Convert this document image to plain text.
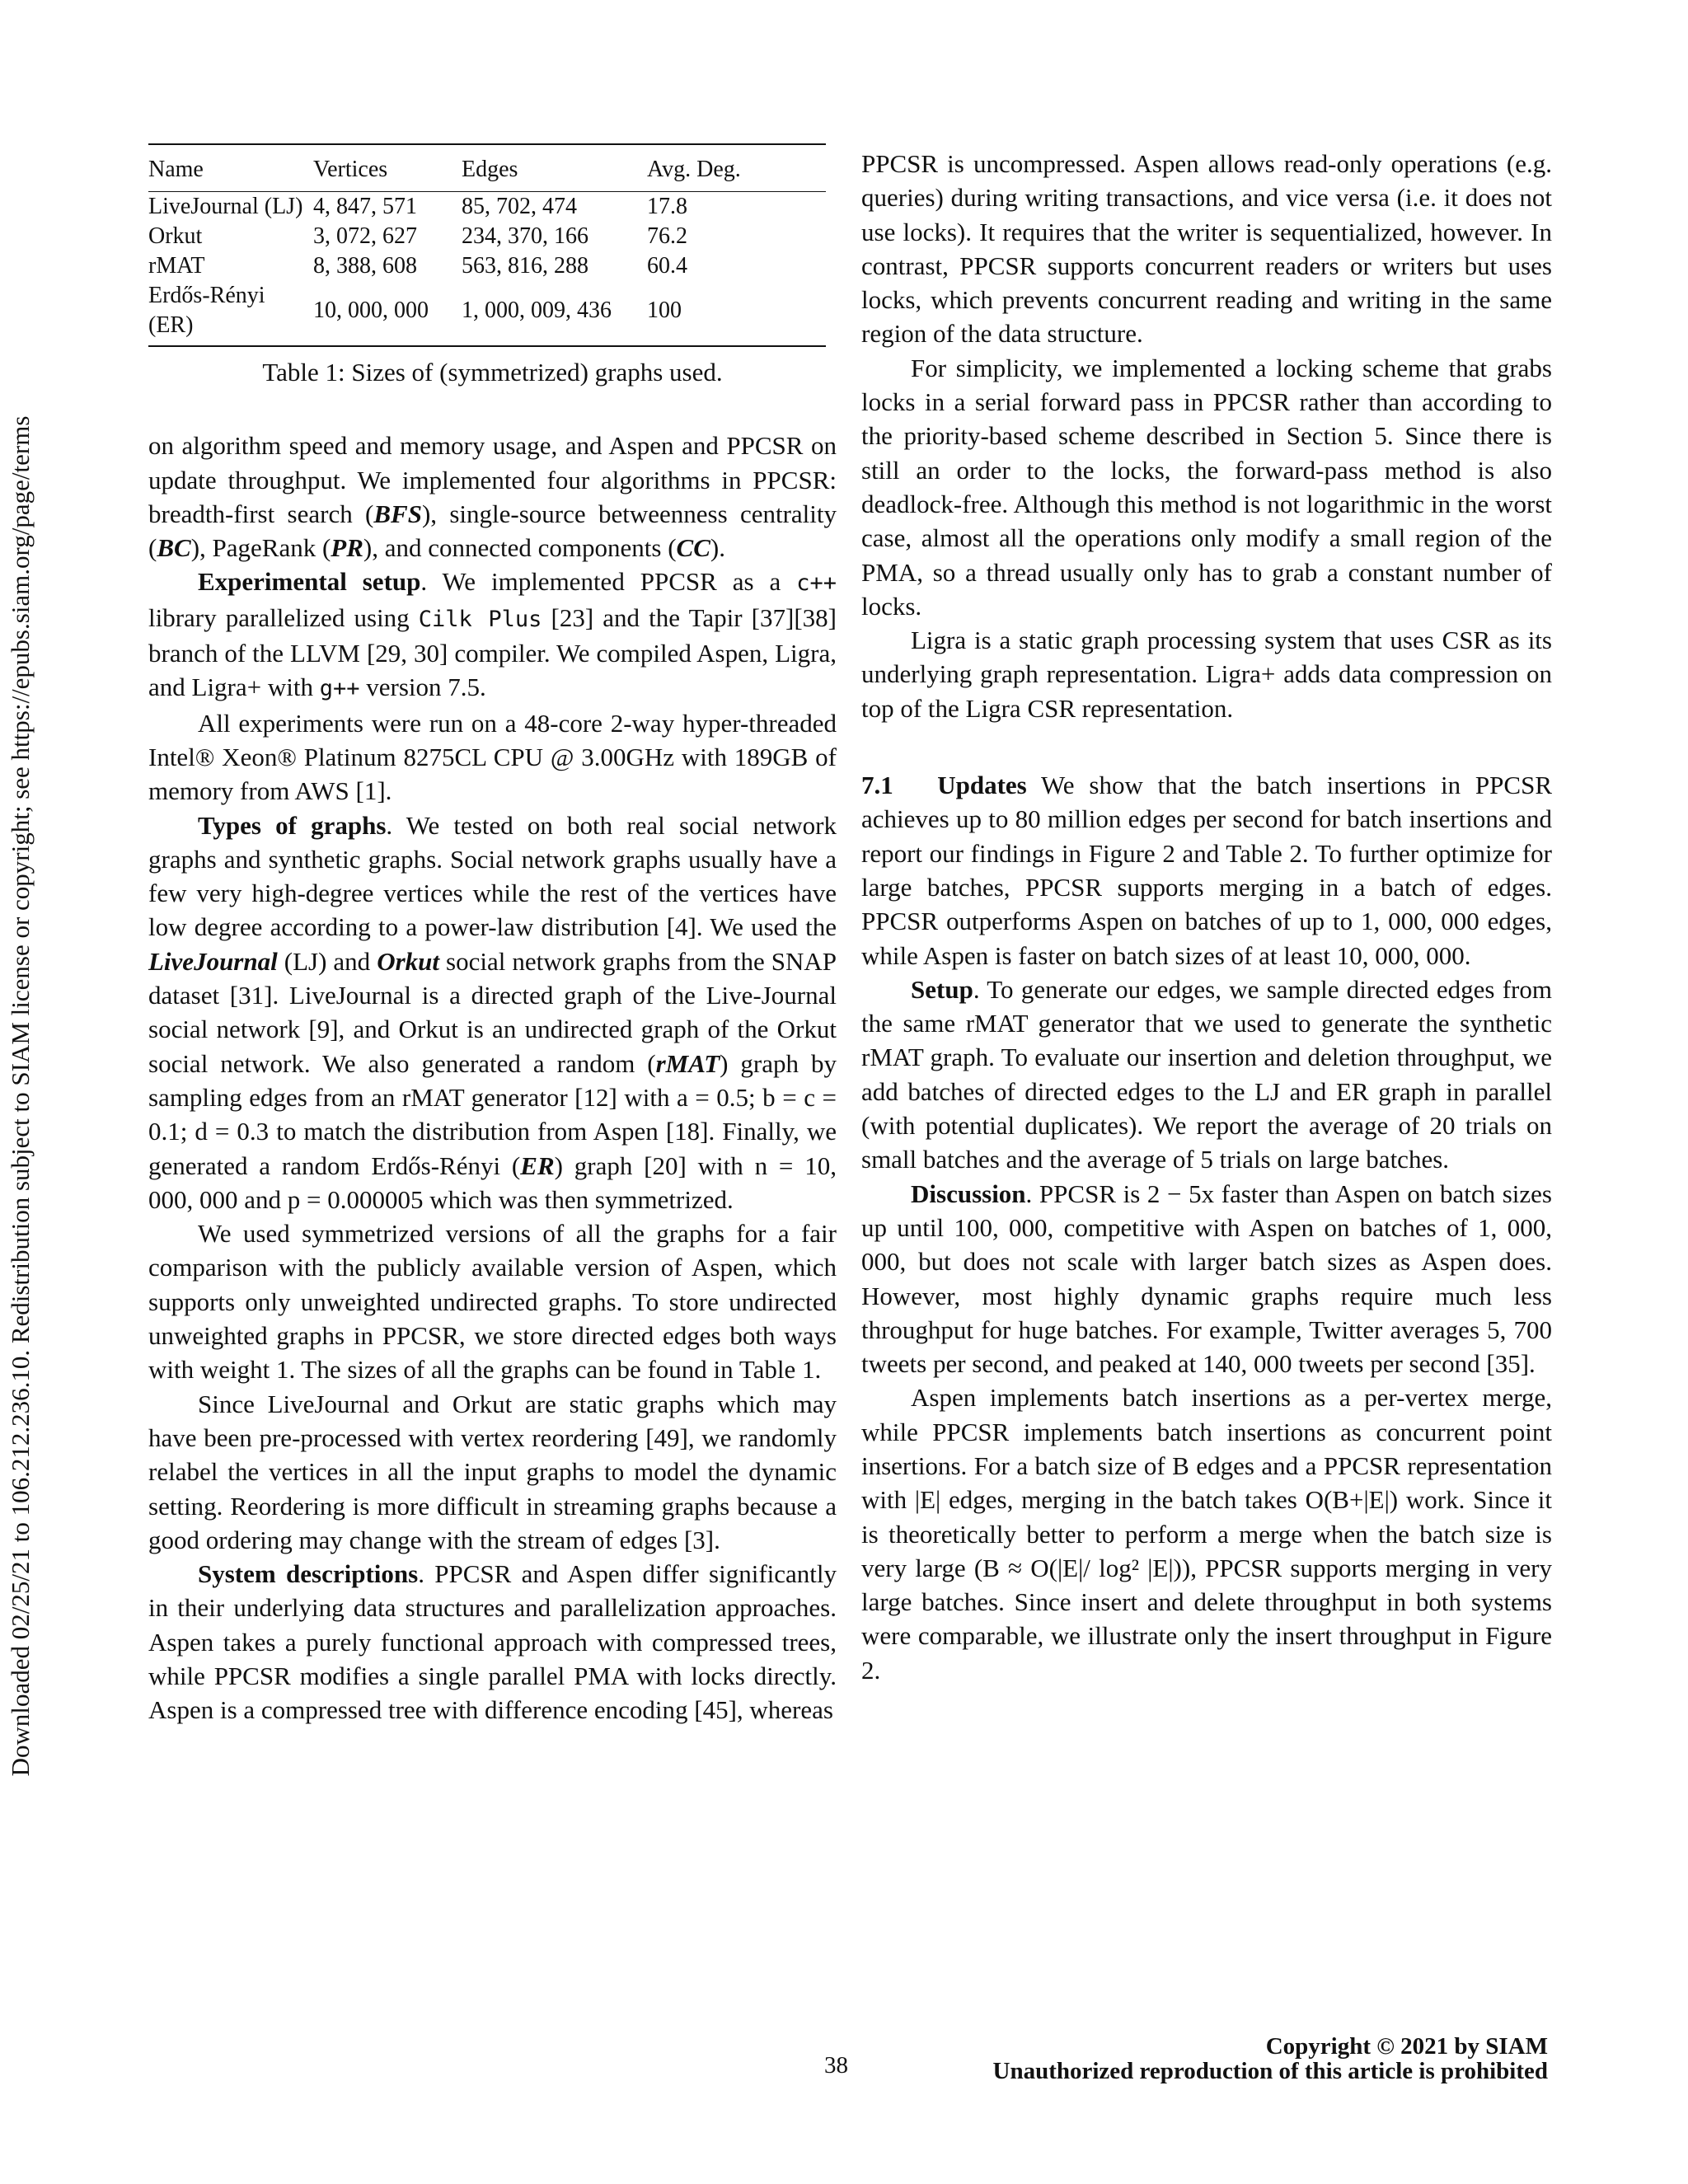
Downloaded 02/25/21 to 106.212.236.10. Redistribution subject to SIAM license or copyright; see https://epubs.siam.org/page/terms
Name	Vertices	Edges	Avg. Deg.
LiveJournal (LJ)	4, 847, 571	85, 702, 474	17.8
Orkut	3, 072, 627	234, 370, 166	76.2
rMAT	8, 388, 608	563, 816, 288	60.4
Erdős-Rényi (ER)	10, 000, 000	1, 000, 009, 436	100
Table 1: Sizes of (symmetrized) graphs used.

on algorithm speed and memory usage, and Aspen and PPCSR on update throughput. We implemented four algorithms in PPCSR: breadth-first search (BFS), single-source betweenness centrality (BC), PageRank (PR), and connected components (CC).

Experimental setup. We implemented PPCSR as a c++ library parallelized using Cilk Plus [23] and the Tapir [37][38] branch of the LLVM [29, 30] compiler. We compiled Aspen, Ligra, and Ligra+ with g++ version 7.5.

All experiments were run on a 48-core 2-way hyper-threaded Intel® Xeon® Platinum 8275CL CPU @ 3.00GHz with 189GB of memory from AWS [1].

Types of graphs. We tested on both real social network graphs and synthetic graphs. Social network graphs usually have a few very high-degree vertices while the rest of the vertices have low degree according to a power-law distribution [4]. We used the LiveJournal (LJ) and Orkut social network graphs from the SNAP dataset [31]. LiveJournal is a directed graph of the Live-Journal social network [9], and Orkut is an undirected graph of the Orkut social network. We also generated a random (rMAT) graph by sampling edges from an rMAT generator [12] with a = 0.5; b = c = 0.1; d = 0.3 to match the distribution from Aspen [18]. Finally, we generated a random Erdős-Rényi (ER) graph [20] with n = 10, 000, 000 and p = 0.000005 which was then symmetrized.

We used symmetrized versions of all the graphs for a fair comparison with the publicly available version of Aspen, which supports only unweighted undirected graphs. To store undirected unweighted graphs in PPCSR, we store directed edges both ways with weight 1. The sizes of all the graphs can be found in Table 1.

Since LiveJournal and Orkut are static graphs which may have been pre-processed with vertex reordering [49], we randomly relabel the vertices in all the input graphs to model the dynamic setting. Reordering is more difficult in streaming graphs because a good ordering may change with the stream of edges [3].

System descriptions. PPCSR and Aspen differ significantly in their underlying data structures and parallelization approaches. Aspen takes a purely functional approach with compressed trees, while PPCSR modifies a single parallel PMA with locks directly. Aspen is a compressed tree with difference encoding [45], whereas

PPCSR is uncompressed. Aspen allows read-only operations (e.g. queries) during writing transactions, and vice versa (i.e. it does not use locks). It requires that the writer is sequentialized, however. In contrast, PPCSR supports concurrent readers or writers but uses locks, which prevents concurrent reading and writing in the same region of the data structure.

For simplicity, we implemented a locking scheme that grabs locks in a serial forward pass in PPCSR rather than according to the priority-based scheme described in Section 5. Since there is still an order to the locks, the forward-pass method is also deadlock-free. Although this method is not logarithmic in the worst case, almost all the operations only modify a small region of the PMA, so a thread usually only has to grab a constant number of locks.

Ligra is a static graph processing system that uses CSR as its underlying graph representation. Ligra+ adds data compression on top of the Ligra CSR representation.

7.1 Updates We show that the batch insertions in PPCSR achieves up to 80 million edges per second for batch insertions and report our findings in Figure 2 and Table 2. To further optimize for large batches, PPCSR supports merging in a batch of edges. PPCSR outperforms Aspen on batches of up to 1, 000, 000 edges, while Aspen is faster on batch sizes of at least 10, 000, 000.

Setup. To generate our edges, we sample directed edges from the same rMAT generator that we used to generate the synthetic rMAT graph. To evaluate our insertion and deletion throughput, we add batches of directed edges to the LJ and ER graph in parallel (with potential duplicates). We report the average of 20 trials on small batches and the average of 5 trials on large batches.

Discussion. PPCSR is 2 − 5x faster than Aspen on batch sizes up until 100, 000, competitive with Aspen on batches of 1, 000, 000, but does not scale with larger batch sizes as Aspen does. However, most highly dynamic graphs require much less throughput for huge batches. For example, Twitter averages 5, 700 tweets per second, and peaked at 140, 000 tweets per second [35].

Aspen implements batch insertions as a per-vertex merge, while PPCSR implements batch insertions as concurrent point insertions. For a batch size of B edges and a PPCSR representation with |E| edges, merging in the batch takes O(B+|E|) work. Since it is theoretically better to perform a merge when the batch size is very large (B ≈ O(|E|/ log² |E|)), PPCSR supports merging in very large batches. Since insert and delete throughput in both systems were comparable, we illustrate only the insert throughput in Figure 2.

38
Copyright © 2021 by SIAM
Unauthorized reproduction of this article is prohibited
